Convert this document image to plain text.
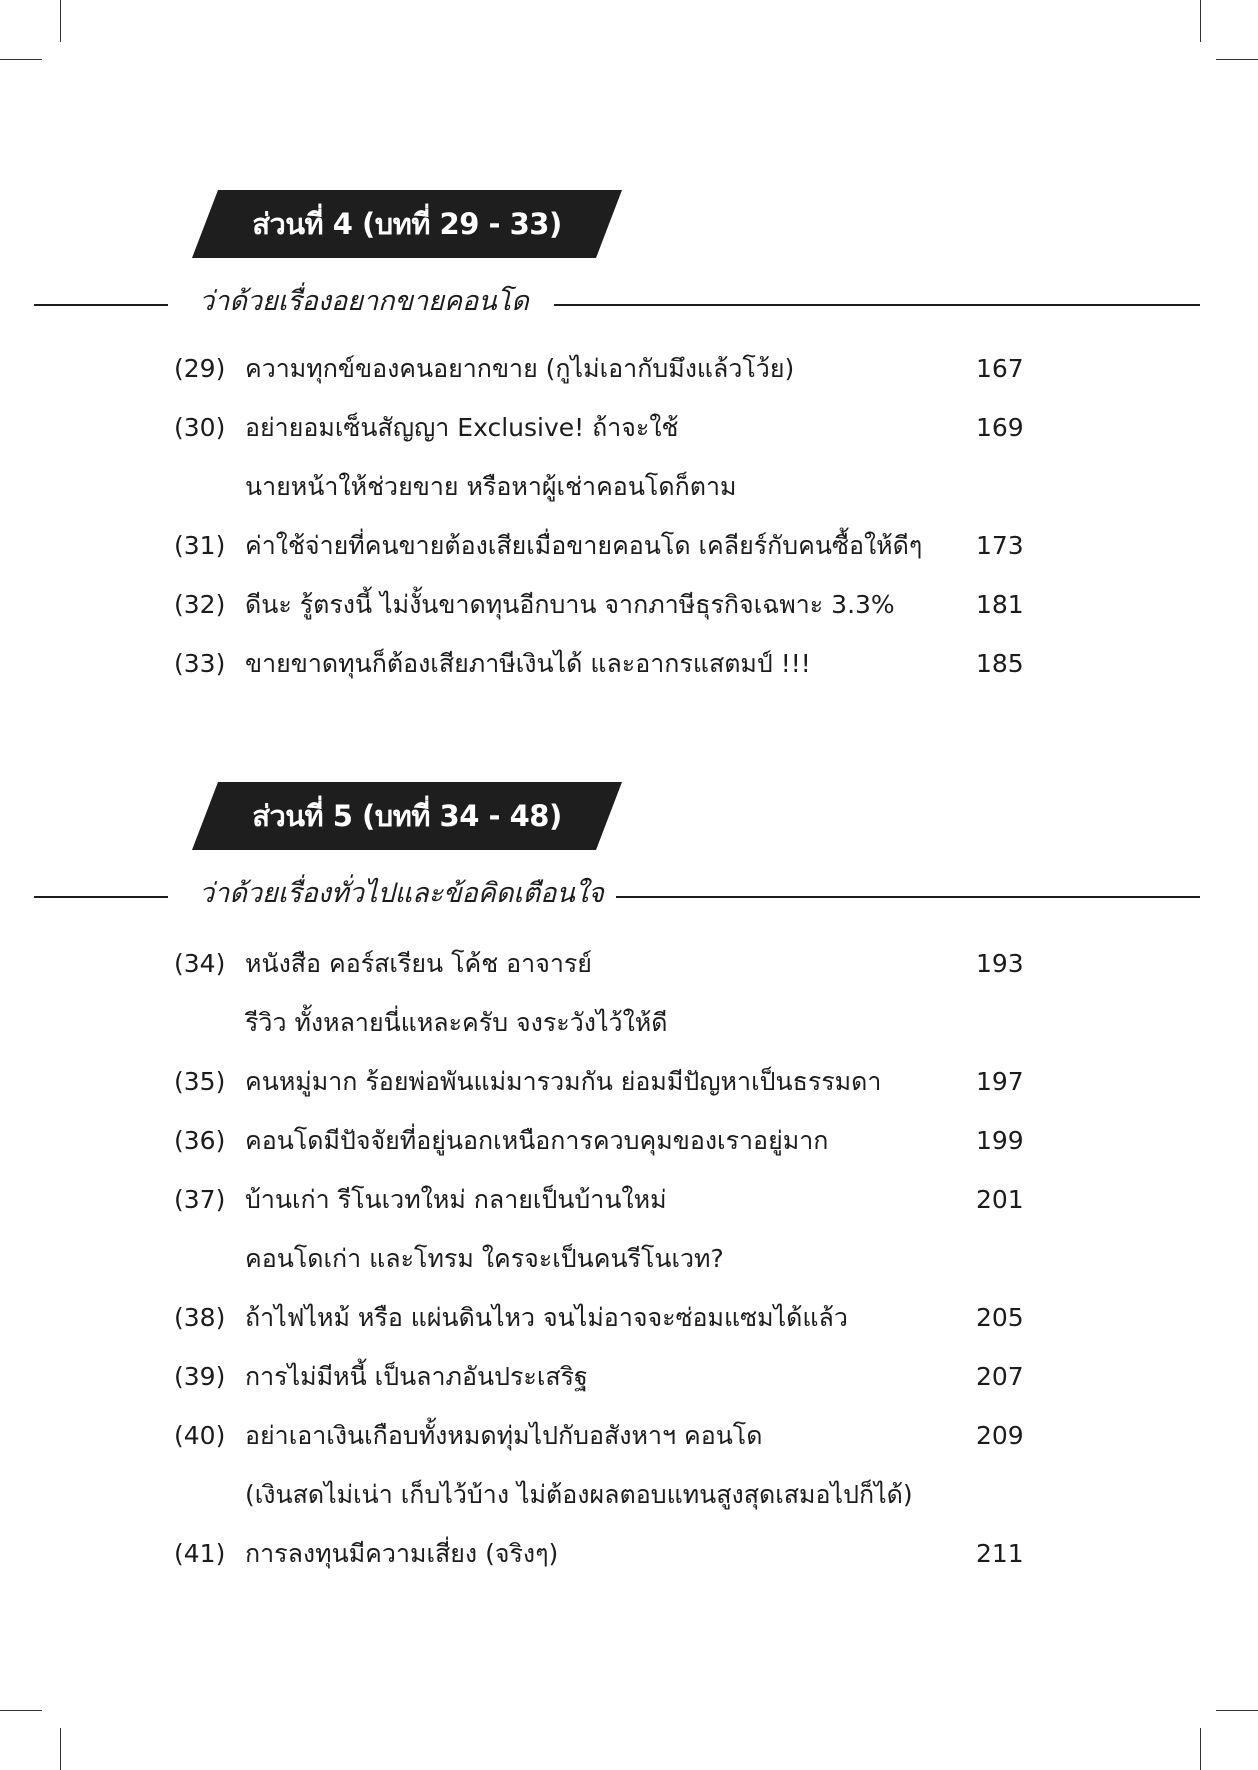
ส่วนที่ 4 (บทที่ 29 - 33)
ว่าด้วยเรื่องอยากขายคอนโด
(29) ความทุกข์ของคนอยากขาย (กูไม่เอากับมึงแล้วโว้ย)	167
(30) อย่ายอมเซ็นสัญญา Exclusive! ถ้าจะใช้	169
นายหน้าให้ช่วยขาย หรือหาผู้เช่าคอนโดก็ตาม
(31) ค่าใช้จ่ายที่คนขายต้องเสียเมื่อขายคอนโด เคลียร์กับคนซื้อให้ดีๆ 173
(32) ดีนะ รู้ตรงนี้ ไม่งั้นขาดทุนอีกบาน จากภาษีธุรกิจเฉพาะ 3.3%	181
(33) ขายขาดทุนก็ต้องเสียภาษีเงินได้ และอากรแสตมป์ !!!	185
ส่วนที่ 5 (บทที่ 34 - 48)
ว่าด้วยเรื่องทั่วไปและข้อคิดเตือนใจ
(34) หนังสือ คอร์สเรียน โค้ช อาจารย์	193
รีวิว ทั้งหลายนี่แหละครับ จงระวังไว้ให้ดี
(35) คนหมู่มาก ร้อยพ่อพันแม่มารวมกัน ย่อมมีปัญหาเป็นธรรมดา	197
(36) คอนโดมีปัจจัยที่อยู่นอกเหนือการควบคุมของเราอยู่มาก	199
(37) บ้านเก่า รีโนเวทใหม่ กลายเป็นบ้านใหม่	201
คอนโดเก่า และโทรม ใครจะเป็นคนรีโนเวท?
(38) ถ้าไฟไหม้ หรือ แผ่นดินไหว จนไม่อาจจะซ่อมแซมได้แล้ว	205
(39) การไม่มีหนี้ เป็นลาภอันประเสริฐ	207
(40) อย่าเอาเงินเกือบทั้งหมดทุ่มไปกับอสังหาฯ คอนโด	209
(เงินสดไม่เน่า เก็บไว้บ้าง ไม่ต้องผลตอบแทนสูงสุดเสมอไปก็ได้)
(41) การลงทุนมีความเสี่ยง (จริงๆ)	211
